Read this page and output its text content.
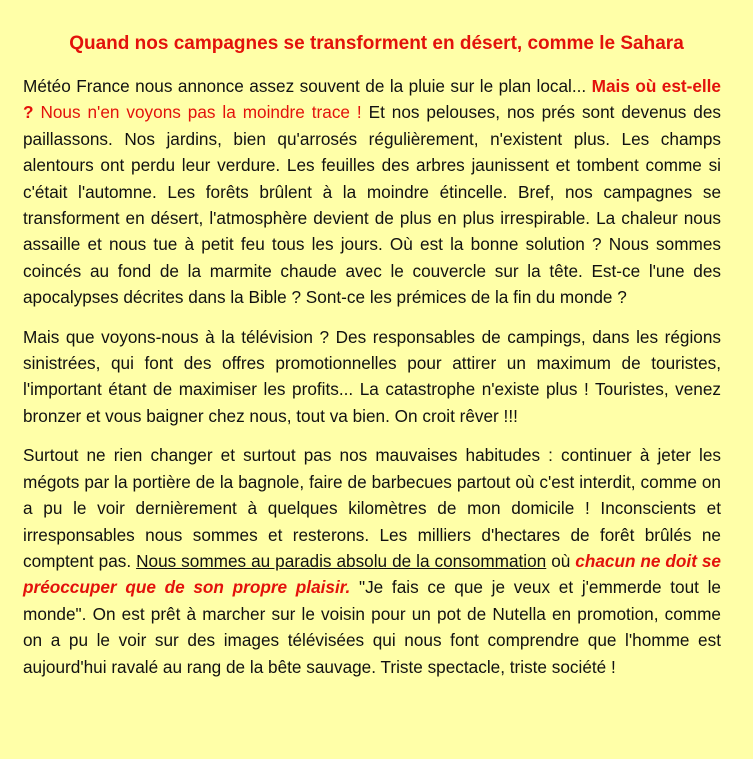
Quand nos campagnes se transforment en désert, comme le Sahara

Météo France nous annonce assez souvent de la pluie sur le plan local... Mais où est-elle ? Nous n'en voyons pas la moindre trace ! Et nos pelouses, nos prés sont devenus des paillassons. Nos jardins, bien qu'arrosés régulièrement, n'existent plus. Les champs alentours ont perdu leur verdure. Les feuilles des arbres jaunissent et tombent comme si c'était l'automne. Les forêts brûlent à la moindre étincelle. Bref, nos campagnes se transforment en désert, l'atmosphère devient de plus en plus irrespirable. La chaleur nous assaille et nous tue à petit feu tous les jours. Où est la bonne solution ? Nous sommes coincés au fond de la marmite chaude avec le couvercle sur la tête. Est-ce l'une des apocalypses décrites dans la Bible ? Sont-ce les prémices de la fin du monde ?

Mais que voyons-nous à la télévision ? Des responsables de campings, dans les régions sinistrées, qui font des offres promotionnelles pour attirer un maximum de touristes, l'important étant de maximiser les profits... La catastrophe n'existe plus ! Touristes, venez bronzer et vous baigner chez nous, tout va bien. On croit rêver !!!

Surtout ne rien changer et surtout pas nos mauvaises habitudes : continuer à jeter les mégots par la portière de la bagnole, faire de barbecues partout où c'est interdit, comme on a pu le voir dernièrement à quelques kilomètres de mon domicile ! Inconscients et irresponsables nous sommes et resterons. Les milliers d'hectares de forêt brûlés ne comptent pas. Nous sommes au paradis absolu de la consommation où chacun ne doit se préoccuper que de son propre plaisir. "Je fais ce que je veux et j'emmerde tout le monde". On est prêt à marcher sur le voisin pour un pot de Nutella en promotion, comme on a pu le voir sur des images télévisées qui nous font comprendre que l'homme est aujourd'hui ravalé au rang de la bête sauvage. Triste spectacle, triste société !
